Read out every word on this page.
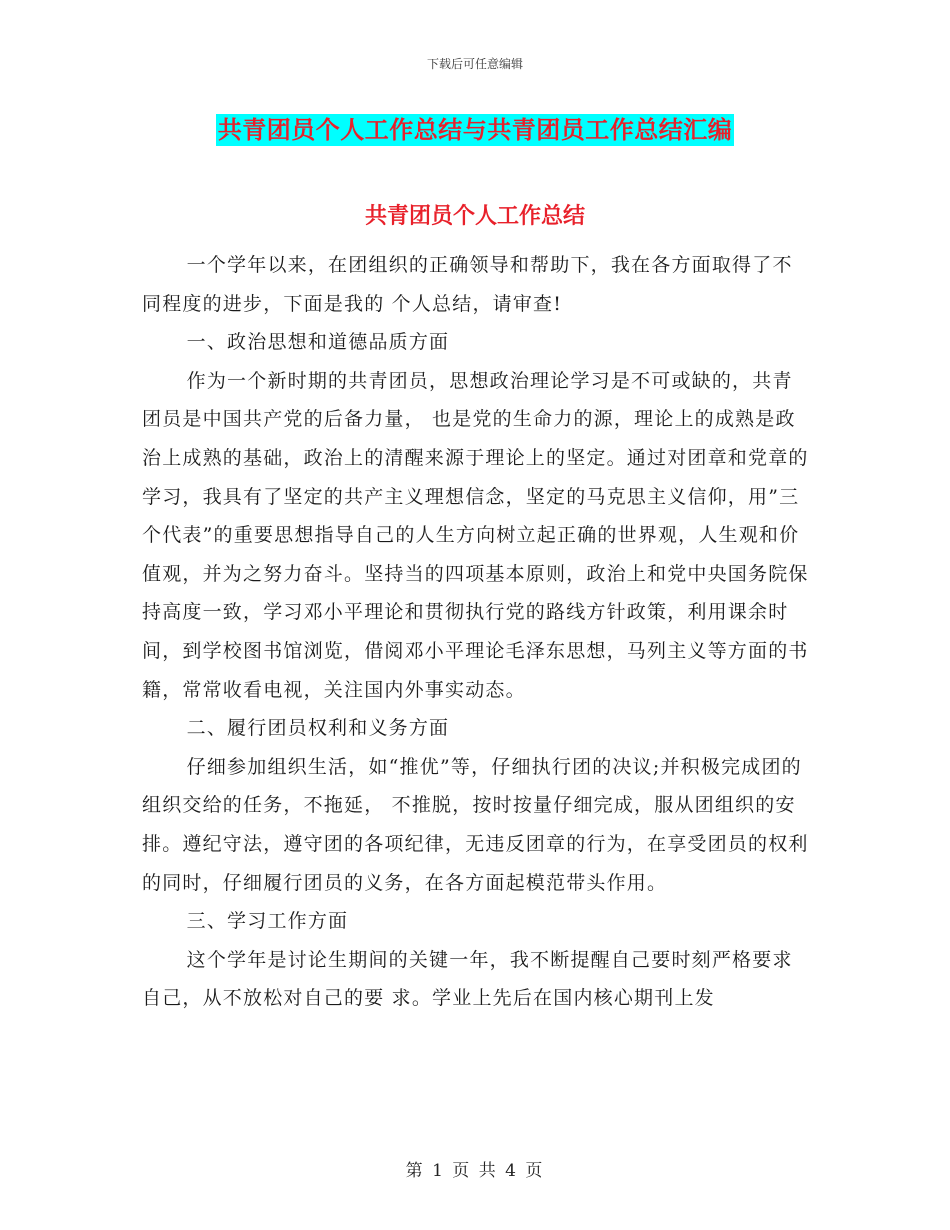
下载后可任意编辑
共青团员个人工作总结与共青团员工作总结汇编
共青团员个人工作总结

一个学年以来，在团组织的正确领导和帮助下，我在各方面取得了不同程度的进步，下面是我的 个人总结，请审查!

一、政治思想和道德品质方面

作为一个新时期的共青团员，思想政治理论学习是不可或缺的，共青团员是中国共产党的后备力量， 也是党的生命力的源，理论上的成熟是政治上成熟的基础，政治上的清醒来源于理论上的坚定。通过对团章和党章的学习，我具有了坚定的共产主义理想信念，坚定的马克思主义信仰，用”三个代表”的重要思想指导自己的人生方向树立起正确的世界观，人生观和价值观，并为之努力奋斗。坚持当的四项基本原则，政治上和党中央国务院保持高度一致，学习邓小平理论和贯彻执行党的路线方针政策，利用课余时间，到学校图书馆浏览，借阅邓小平理论毛泽东思想，马列主义等方面的书籍，常常收看电视，关注国内外事实动态。

二、履行团员权利和义务方面

仔细参加组织生活，如“推优”等，仔细执行团的决议;并积极完成团的组织交给的任务，不拖延， 不推脱，按时按量仔细完成，服从团组织的安排。遵纪守法，遵守团的各项纪律，无违反团章的行为，在享受团员的权利的同时，仔细履行团员的义务，在各方面起模范带头作用。

三、学习工作方面

这个学年是讨论生期间的关键一年，我不断提醒自己要时刻严格要求自己，从不放松对自己的要 求。学业上先后在国内核心期刊上发

第 1 页 共 4 页
